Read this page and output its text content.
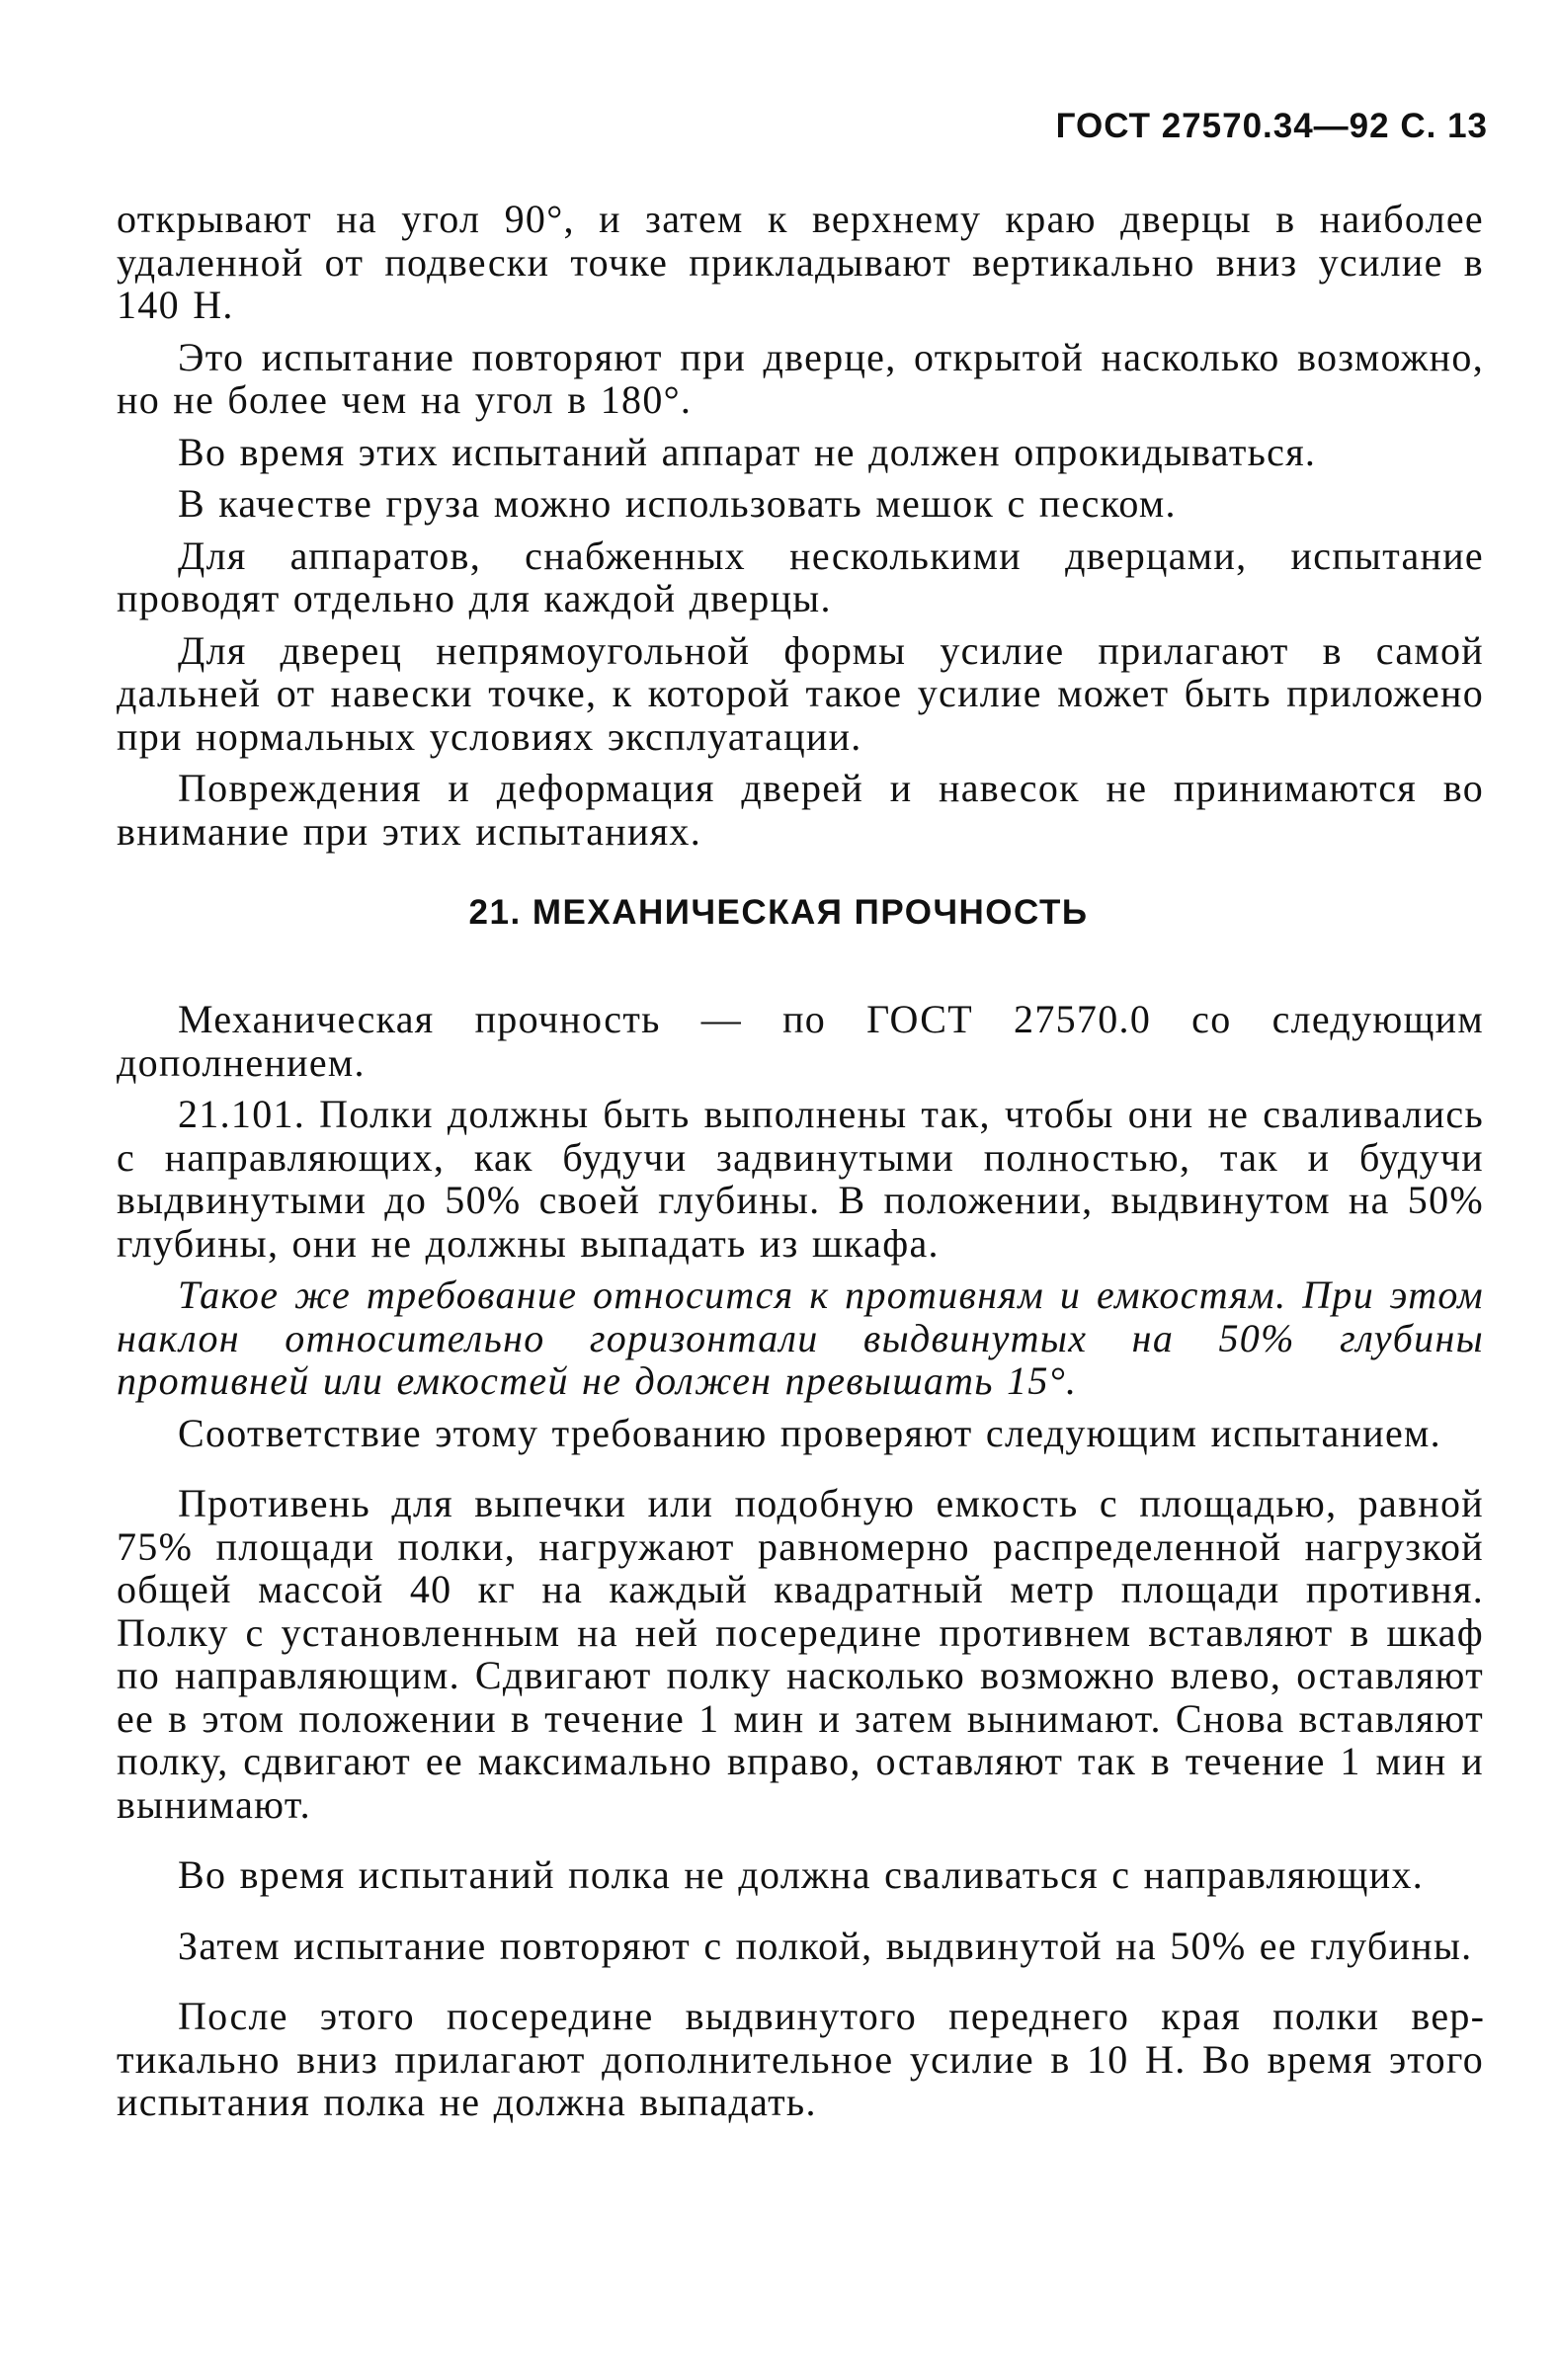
ГОСТ 27570.34—92 С. 13

открывают на угол 90°, и затем к верхнему краю дверцы в наиболее удаленной от подвески точке прикладывают вертикально вниз усилие в 140 Н.

Это испытание повторяют при дверце, открытой насколько возможно, но не более чем на угол в 180°.

Во время этих испытаний аппарат не должен опрокидываться.

В качестве груза можно использовать мешок с песком.

Для аппаратов, снабженных несколькими дверцами, испытание проводят отдельно для каждой дверцы.

Для дверец непрямоугольной формы усилие прилагают в самой дальней от навески точке, к которой такое усилие может быть приложено при нормальных условиях эксплуатации.

Повреждения и деформация дверей и навесок не принимаются во внимание при этих испытаниях.

21. МЕХАНИЧЕСКАЯ ПРОЧНОСТЬ

Механическая прочность — по ГОСТ 27570.0 со следующим дополнением.

21.101. Полки должны быть выполнены так, чтобы они не сваливались с направляющих, как будучи задвинутыми полностью, так и будучи выдвинутыми до 50% своей глубины. В положении, выдвинутом на 50% глубины, они не должны выпадать из шкафа.

Такое же требование относится к противням и емкостям. При этом наклон относительно горизонтали выдвинутых на 50% глубины противней или емкостей не должен превышать 15°.

Соответствие этому требованию проверяют следующим испытанием.

Противень для выпечки или подобную емкость с площадью, равной 75% площади полки, нагружают равномерно распределенной нагрузкой общей массой 40 кг на каждый квадратный метр площади противня. Полку с установленным на ней посередине противнем вставляют в шкаф по направляющим. Сдвигают полку насколько возможно влево, оставляют ее в этом положении в течение 1 мин и затем вынимают. Снова вставляют полку, сдвигают ее максимально вправо, оставляют так в течение 1 мин и вынимают.

Во время испытаний полка не должна сваливаться с направляющих.

Затем испытание повторяют с полкой, выдвинутой на 50% ее глубины.

После этого посередине выдвинутого переднего края полки вертикально вниз прилагают дополнительное усилие в 10 Н. Во время этого испытания полка не должна выпадать.
